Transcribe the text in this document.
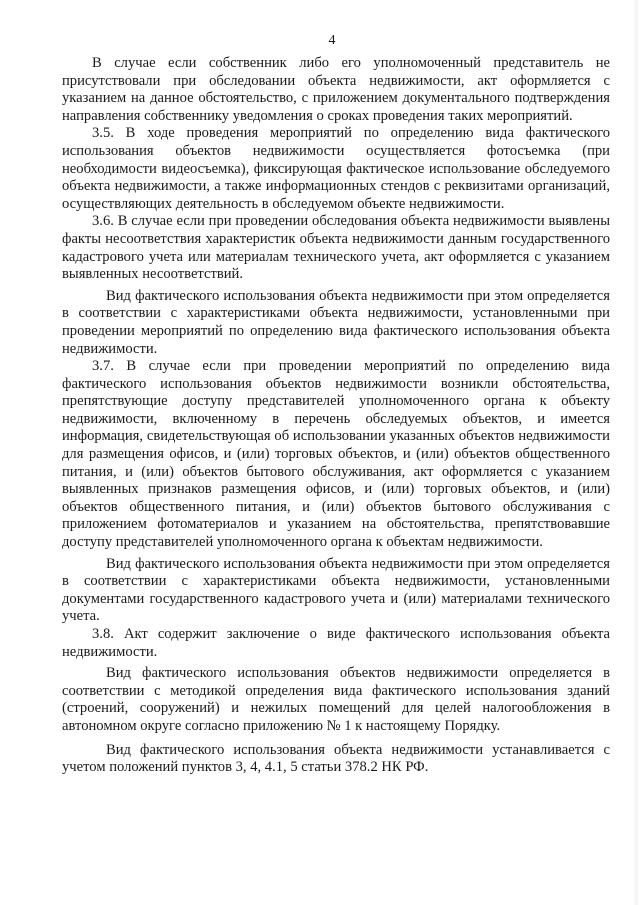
4

В случае если собственник либо его уполномоченный представитель не присутствовали при обследовании объекта недвижимости, акт оформляется с указанием на данное обстоятельство, с приложением документального подтверждения направления собственнику уведомления о сроках проведения таких мероприятий.

3.5. В ходе проведения мероприятий по определению вида фактического использования объектов недвижимости осуществляется фотосъемка (при необходимости видеосъемка), фиксирующая фактическое использование обследуемого объекта недвижимости, а также информационных стендов с реквизитами организаций, осуществляющих деятельность в обследуемом объекте недвижимости.

3.6. В случае если при проведении обследования объекта недвижимости выявлены факты несоответствия характеристик объекта недвижимости данным государственного кадастрового учета или материалам технического учета, акт оформляется с указанием выявленных несоответствий.

Вид фактического использования объекта недвижимости при этом определяется в соответствии с характеристиками объекта недвижимости, установленными при проведении мероприятий по определению вида фактического использования объекта недвижимости.

3.7. В случае если при проведении мероприятий по определению вида фактического использования объектов недвижимости возникли обстоятельства, препятствующие доступу представителей уполномоченного органа к объекту недвижимости, включенному в перечень обследуемых объектов, и имеется информация, свидетельствующая об использовании указанных объектов недвижимости для размещения офисов, и (или) торговых объектов, и (или) объектов общественного питания, и (или) объектов бытового обслуживания, акт оформляется с указанием выявленных признаков размещения офисов, и (или) торговых объектов, и (или) объектов общественного питания, и (или) объектов бытового обслуживания с приложением фотоматериалов и указанием на обстоятельства, препятствовавшие доступу представителей уполномоченного органа к объектам недвижимости.

Вид фактического использования объекта недвижимости при этом определяется в соответствии с характеристиками объекта недвижимости, установленными документами государственного кадастрового учета и (или) материалами технического учета.

3.8. Акт содержит заключение о виде фактического использования объекта недвижимости.

Вид фактического использования объектов недвижимости определяется в соответствии с методикой определения вида фактического использования зданий (строений, сооружений) и нежилых помещений для целей налогообложения в автономном округе согласно приложению № 1 к настоящему Порядку.

Вид фактического использования объекта недвижимости устанавливается с учетом положений пунктов 3, 4, 4.1, 5 статьи 378.2 НК РФ.
